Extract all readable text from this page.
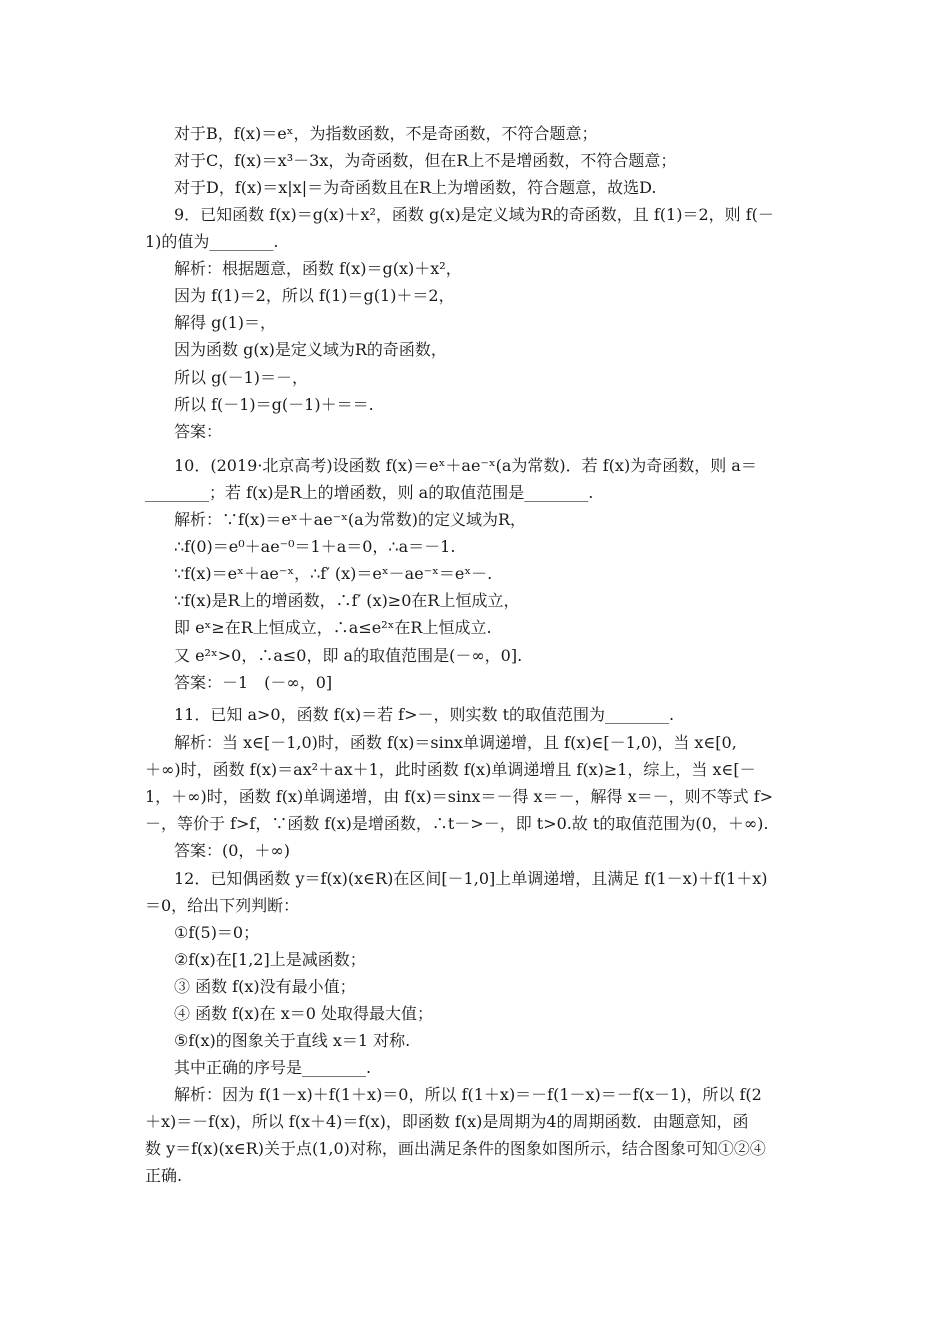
对于B，f(x)＝eˣ，为指数函数，不是奇函数，不符合题意；
对于C，f(x)＝x³－3x，为奇函数，但在R上不是增函数，不符合题意；
对于D，f(x)＝x|x|＝为奇函数且在R上为增函数，符合题意，故选D.
9．已知函数 f(x)＝g(x)＋x²，函数 g(x)是定义域为R的奇函数，且 f(1)＝2，则 f(－
1)的值为________.
解析：根据题意，函数 f(x)＝g(x)＋x²，
因为 f(1)＝2，所以 f(1)＝g(1)＋＝2，
解得 g(1)＝，
因为函数 g(x)是定义域为R的奇函数，
所以 g(－1)＝－，
所以 f(－1)＝g(－1)＋＝＝.
答案：
10．(2019·北京高考)设函数 f(x)＝eˣ＋ae⁻ˣ(a为常数)．若 f(x)为奇函数，则 a＝
________；若 f(x)是R上的增函数，则 a的取值范围是________.
解析：∵f(x)＝eˣ＋ae⁻ˣ(a为常数)的定义域为R，
∴f(0)＝e⁰＋ae⁻⁰＝1＋a＝0，∴a＝－1.
∵f(x)＝eˣ＋ae⁻ˣ，∴f′ (x)＝eˣ－ae⁻ˣ＝eˣ－.
∵f(x)是R上的增函数，∴f′ (x)≥0在R上恒成立，
即 eˣ≥在R上恒成立，∴a≤e²ˣ在R上恒成立.
又 e²ˣ>0，∴a≤0，即 a的取值范围是(－∞，0].
答案：－1　(－∞，0]
11．已知 a>0，函数 f(x)＝若 f>－，则实数 t的取值范围为________.
解析：当 x∈[－1,0)时，函数 f(x)＝sinx单调递增，且 f(x)∈[－1,0)，当 x∈[0,
＋∞)时，函数 f(x)＝ax²＋ax＋1，此时函数 f(x)单调递增且 f(x)≥1，综上，当 x∈[－
1，＋∞)时，函数 f(x)单调递增，由 f(x)＝sinx＝－得 x＝－，解得 x＝－，则不等式 f>
－，等价于 f>f，∵函数 f(x)是增函数，∴t－>－，即 t>0.故 t的取值范围为(0，＋∞).
答案：(0，＋∞)
12．已知偶函数 y＝f(x)(x∈R)在区间[－1,0]上单调递增，且满足 f(1－x)＋f(1＋x)
＝0，给出下列判断：
①f(5)＝0；
②f(x)在[1,2]上是减函数；
③ 函数 f(x)没有最小值；
④ 函数 f(x)在 x＝0 处取得最大值；
⑤f(x)的图象关于直线 x＝1 对称.
其中正确的序号是________.
解析：因为 f(1－x)＋f(1＋x)＝0，所以 f(1＋x)＝－f(1－x)＝－f(x－1)，所以 f(2
＋x)＝－f(x)，所以 f(x＋4)＝f(x)，即函数 f(x)是周期为4的周期函数．由题意知，函
数 y＝f(x)(x∈R)关于点(1,0)对称，画出满足条件的图象如图所示，结合图象可知①②④
正确.
